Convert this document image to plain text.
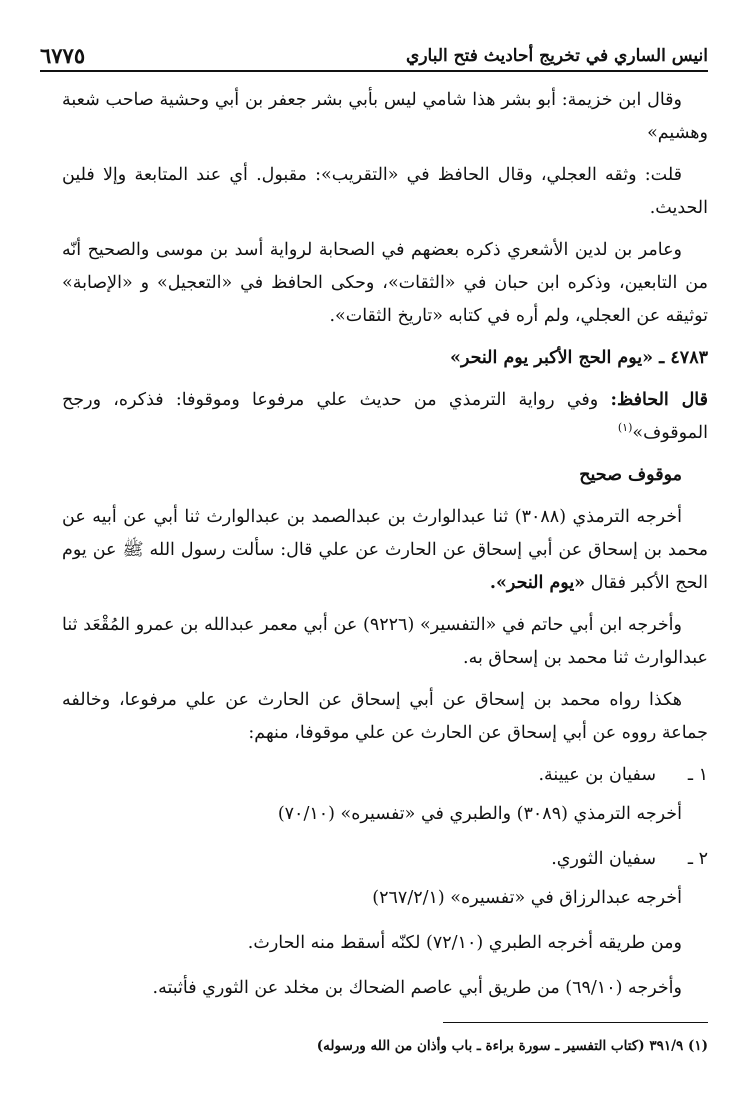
انيس الساري في تخريج أحاديث فتح الباري
٦٧٧٥

وقال ابن خزيمة: أبو بشر هذا شامي ليس بأبي بشر جعفر بن أبي وحشية صاحب شعبة وهشيم»

قلت: وثقه العجلي، وقال الحافظ في «التقريب»: مقبول. أي عند المتابعة وإلا فلين الحديث.

وعامر بن لدين الأشعري ذكره بعضهم في الصحابة لرواية أسد بن موسى والصحيح أنّه من التابعين، وذكره ابن حبان في «الثقات»، وحكى الحافظ في «التعجيل» و «الإصابة» توثيقه عن العجلي، ولم أره في كتابه «تاريخ الثقات».

٤٧٨٣ ـ «يوم الحج الأكبر يوم النحر»

قال الحافظ: وفي رواية الترمذي من حديث علي مرفوعا وموقوفا: فذكره، ورجح الموقوف»$^{(١)}$

موقوف صحيح

أخرجه الترمذي (٣٠٨٨) ثنا عبدالوارث بن عبدالصمد بن عبدالوارث ثنا أبي عن أبيه عن محمد بن إسحاق عن أبي إسحاق عن الحارث عن علي قال: سألت رسول الله ﷺ عن يوم الحج الأكبر فقال «يوم النحر».

وأخرجه ابن أبي حاتم في «التفسير» (٩٢٢٦) عن أبي معمر عبدالله بن عمرو المُقْعَد ثنا عبدالوارث ثنا محمد بن إسحاق به.

هكذا رواه محمد بن إسحاق عن أبي إسحاق عن الحارث عن علي مرفوعا، وخالفه جماعة رووه عن أبي إسحاق عن الحارث عن علي موقوفا، منهم:

١ ـ
سفيان بن عيينة.

أخرجه الترمذي (٣٠٨٩) والطبري في «تفسيره» (٧٠/١٠)

٢ ـ
سفيان الثوري.

أخرجه عبدالرزاق في «تفسيره» (٢٦٧/٢/١)

ومن طريقه أخرجه الطبري (٧٢/١٠) لكنّه أسقط منه الحارث.

وأخرجه (٦٩/١٠) من طريق أبي عاصم الضحاك بن مخلد عن الثوري فأثبته.

(١) ٣٩١/٩ (كتاب التفسير ـ سورة براءة ـ باب وأذان من الله ورسوله)
